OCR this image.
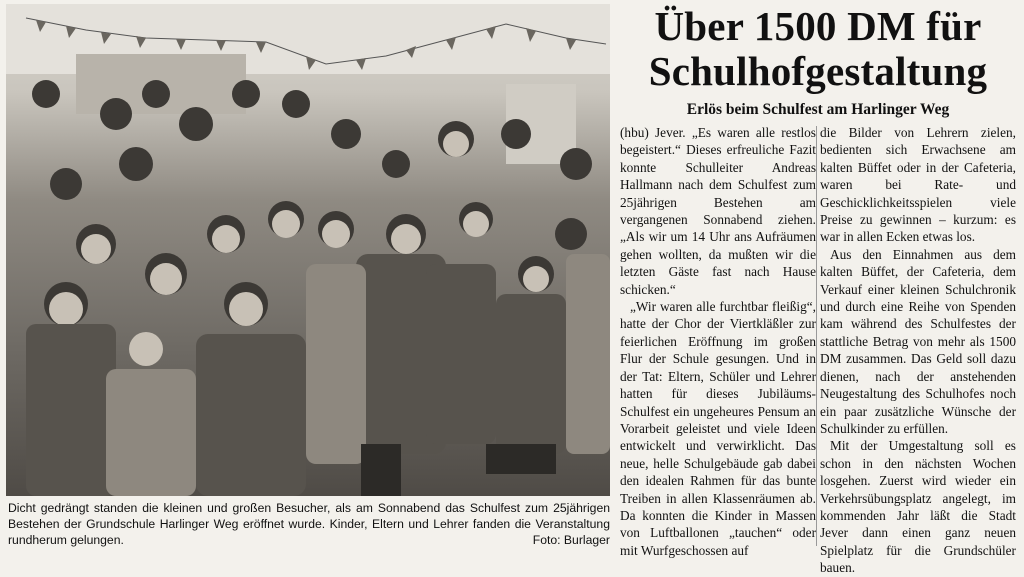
Dicht gedrängt standen die kleinen und großen Besucher, als am Sonnabend das Schulfest zum 25jährigen Bestehen der Grundschule Harlinger Weg eröffnet wurde. Kinder, Eltern und Lehrer fanden die Veranstaltung rundherum gelungen.	Foto: Burlager
Über 1500 DM für
Schulhofgestaltung
Erlös beim Schulfest am Harlinger Weg

(hbu) Jever. „Es waren alle restlos begeistert.“ Dieses erfreuliche Fazit konnte Schulleiter Andreas Hallmann nach dem Schulfest zum 25jährigen Bestehen am vergangenen Sonnabend ziehen. „Als wir um 14 Uhr ans Aufräumen gehen wollten, da mußten wir die letzten Gäste fast nach Hause schicken.“

„Wir waren alle furchtbar fleißig“, hatte der Chor der Viertkläßler zur feierlichen Eröffnung im großen Flur der Schule gesungen. Und in der Tat: Eltern, Schüler und Lehrer hatten für dieses Jubiläums-Schulfest ein ungeheures Pensum an Vorarbeit geleistet und viele Ideen entwickelt und verwirklicht. Das neue, helle Schulgebäude gab dabei den idealen Rahmen für das bunte Treiben in allen Klassenräumen ab. Da konnten die Kinder in Massen von Luftballonen „tauchen“ oder mit Wurfgeschossen auf

die Bilder von Lehrern zielen, bedienten sich Erwachsene am kalten Büffet oder in der Cafeteria, waren bei Rate- und Geschicklichkeitsspielen viele Preise zu gewinnen – kurzum: es war in allen Ecken etwas los.

Aus den Einnahmen aus dem kalten Büffet, der Cafeteria, dem Verkauf einer kleinen Schulchronik und durch eine Reihe von Spenden kam während des Schulfestes der stattliche Betrag von mehr als 1500 DM zusammen. Das Geld soll dazu dienen, nach der anstehenden Neugestaltung des Schulhofes noch ein paar zusätzliche Wünsche der Schulkinder zu erfüllen.

Mit der Umgestaltung soll es schon in den nächsten Wochen losgehen. Zuerst wird wieder ein Verkehrsübungsplatz angelegt, im kommenden Jahr läßt die Stadt Jever dann einen ganz neuen Spielplatz für die Grundschüler bauen.
